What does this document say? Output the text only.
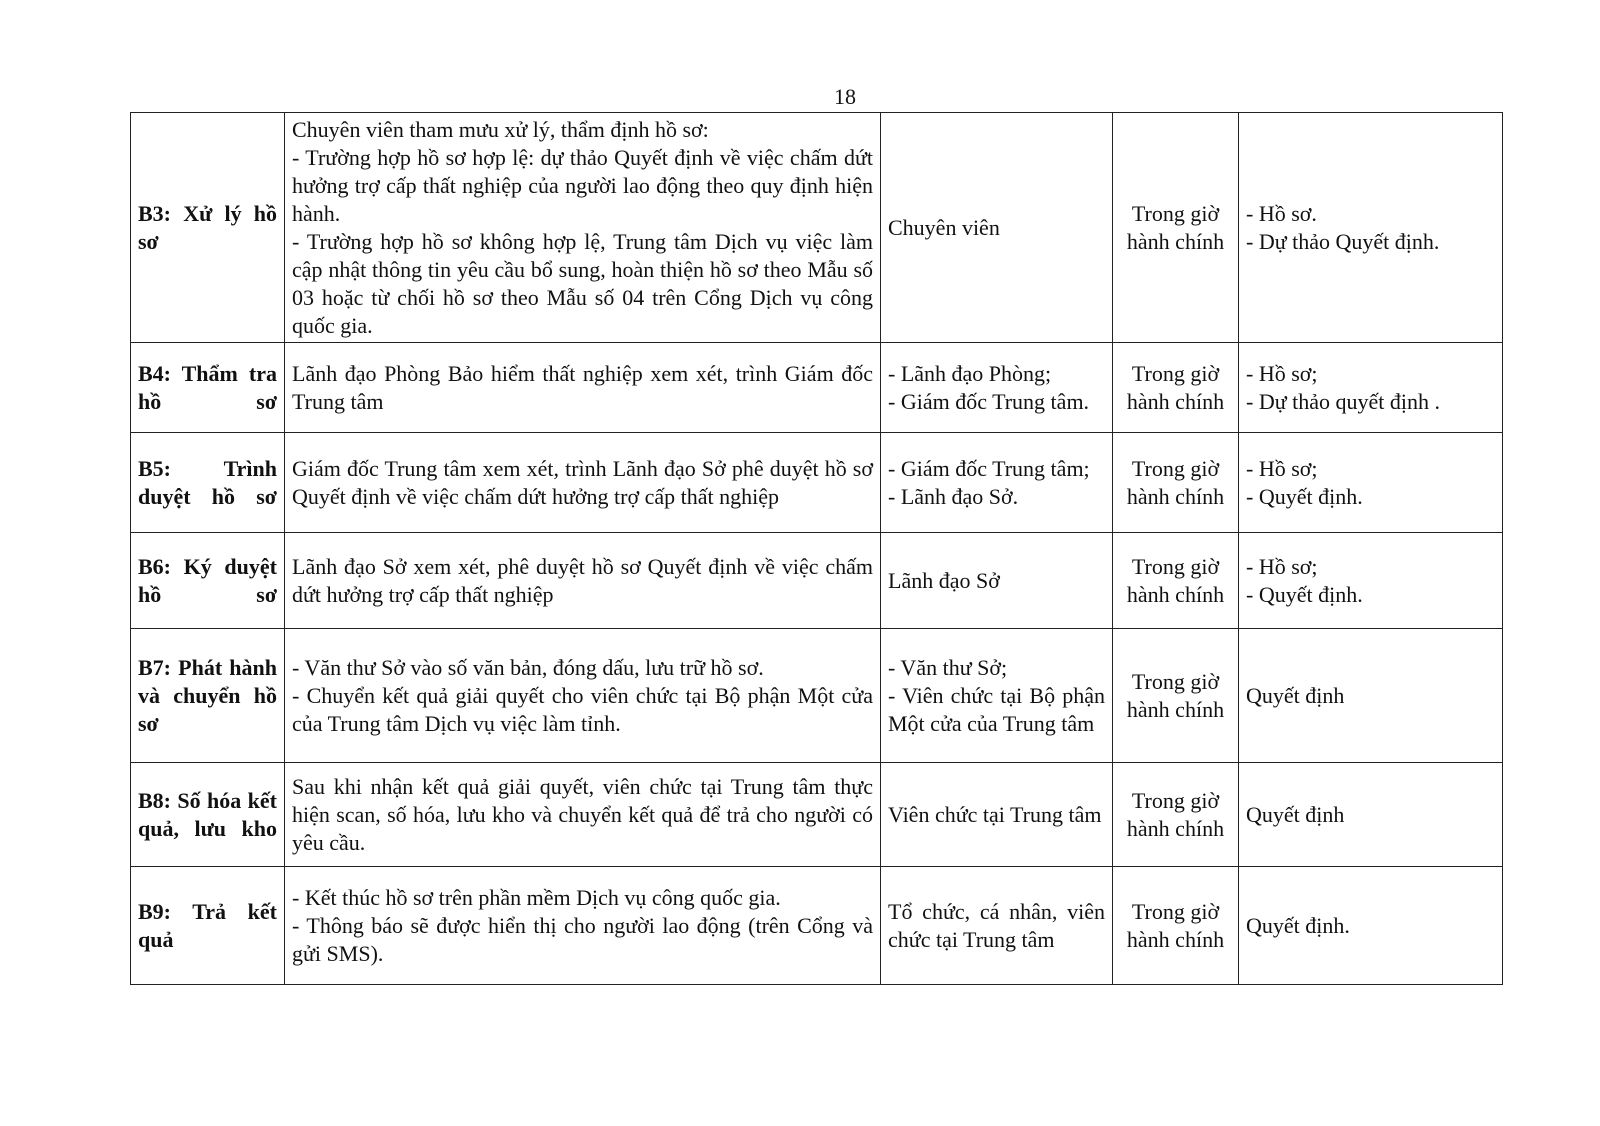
18
B3: Xử lý hồ sơ	Chuyên viên tham mưu xử lý, thẩm định hồ sơ:
- Trường hợp hồ sơ hợp lệ: dự thảo Quyết định về việc chấm dứt hưởng trợ cấp thất nghiệp của người lao động theo quy định hiện hành.
- Trường hợp hồ sơ không hợp lệ, Trung tâm Dịch vụ việc làm cập nhật thông tin yêu cầu bổ sung, hoàn thiện hồ sơ theo Mẫu số 03 hoặc từ chối hồ sơ theo Mẫu số 04 trên Cổng Dịch vụ công quốc gia.	Chuyên viên	Trong giờ hành chính	- Hồ sơ.
- Dự thảo Quyết định.

B4: Thẩm tra hồ sơ	Lãnh đạo Phòng Bảo hiểm thất nghiệp xem xét, trình Giám đốc Trung tâm	- Lãnh đạo Phòng;
- Giám đốc Trung tâm.	Trong giờ hành chính	- Hồ sơ;
- Dự thảo quyết định .

B5: Trình duyệt hồ sơ	Giám đốc Trung tâm xem xét, trình Lãnh đạo Sở phê duyệt hồ sơ Quyết định về việc chấm dứt hưởng trợ cấp thất nghiệp	- Giám đốc Trung tâm;
- Lãnh đạo Sở.	Trong giờ hành chính	- Hồ sơ;
- Quyết định.

B6: Ký duyệt hồ sơ	Lãnh đạo Sở xem xét, phê duyệt hồ sơ Quyết định về việc chấm dứt hưởng trợ cấp thất nghiệp	Lãnh đạo Sở	Trong giờ hành chính	- Hồ sơ;
- Quyết định.

B7: Phát hành và chuyển hồ sơ	- Văn thư Sở vào số văn bản, đóng dấu, lưu trữ hồ sơ.
- Chuyển kết quả giải quyết cho viên chức tại Bộ phận Một cửa của Trung tâm Dịch vụ việc làm tỉnh.	- Văn thư Sở;
- Viên chức tại Bộ phận Một cửa của Trung tâm	Trong giờ hành chính	Quyết định

B8: Số hóa kết quả, lưu kho	Sau khi nhận kết quả giải quyết, viên chức tại Trung tâm thực hiện scan, số hóa, lưu kho và chuyển kết quả để trả cho người có yêu cầu.	Viên chức tại Trung tâm	Trong giờ hành chính	Quyết định

B9: Trả kết quả	- Kết thúc hồ sơ trên phần mềm Dịch vụ công quốc gia.
- Thông báo sẽ được hiển thị cho người lao động (trên Cổng và gửi SMS).	Tổ chức, cá nhân, viên chức tại Trung tâm	Trong giờ hành chính	Quyết định.
